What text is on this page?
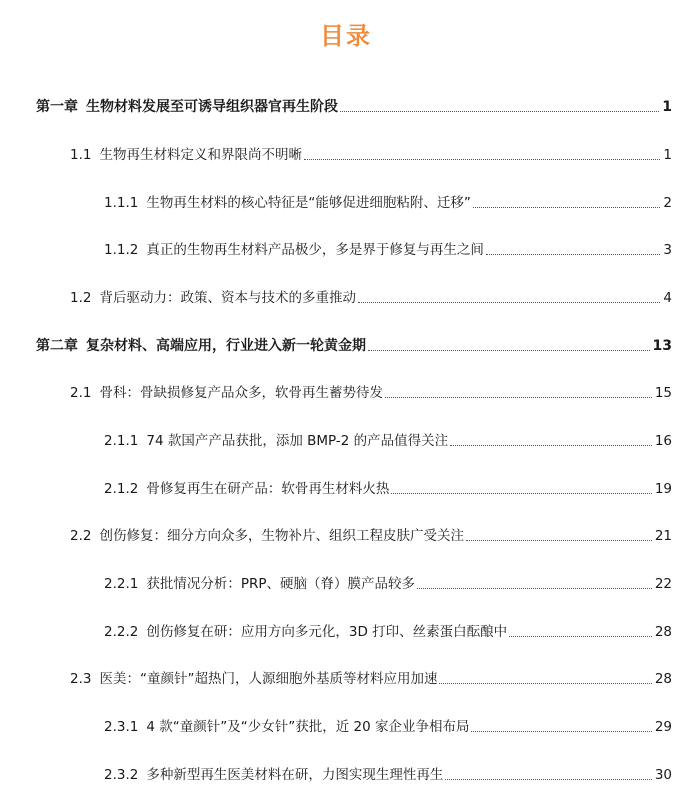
目录
第一章 生物材料发展至可诱导组织器官再生阶段	1
1.1 生物再生材料定义和界限尚不明晰	1
1.1.1 生物再生材料的核心特征是“能够促进细胞粘附、迁移”	2
1.1.2 真正的生物再生材料产品极少，多是界于修复与再生之间	3
1.2 背后驱动力：政策、资本与技术的多重推动	4
第二章 复杂材料、高端应用，行业进入新一轮黄金期	13
2.1 骨科：骨缺损修复产品众多，软骨再生蓄势待发	15
2.1.1 74 款国产产品获批，添加 BMP-2 的产品值得关注	16
2.1.2 骨修复再生在研产品：软骨再生材料火热	19
2.2 创伤修复：细分方向众多，生物补片、组织工程皮肤广受关注	21
2.2.1 获批情况分析：PRP、硬脑（脊）膜产品较多	22
2.2.2 创伤修复在研：应用方向多元化，3D 打印、丝素蛋白酝酿中	28
2.3 医美：“童颜针”超热门，人源细胞外基质等材料应用加速	28
2.3.1 4 款“童颜针”及“少女针”获批，近 20 家企业争相布局	29
2.3.2 多种新型再生医美材料在研，力图实现生理性再生	30
